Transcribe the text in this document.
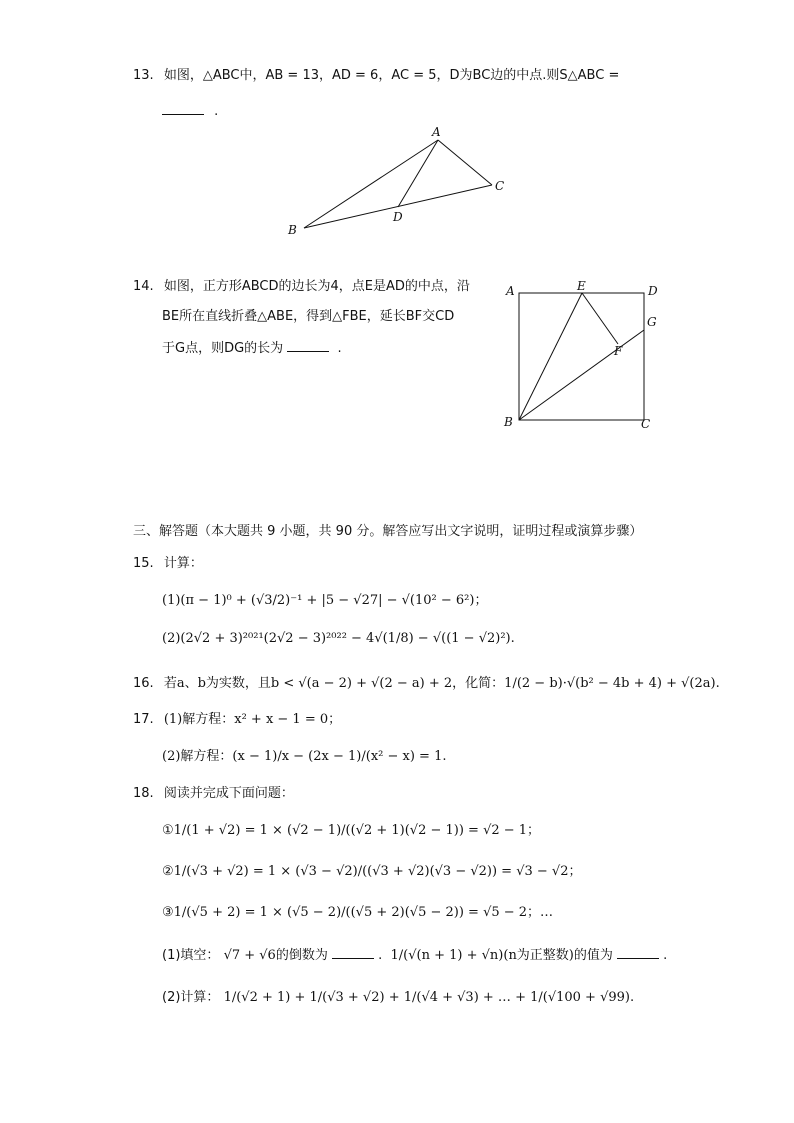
13. 如图，△ABC中，AB = 13，AD = 6，AC = 5，D为BC边的中点.则S△ABC =
.
A
B
C
D
14. 如图，正方形ABCD的边长为4，点E是AD的中点，沿
BE所在直线折叠△ABE，得到△FBE，延长BF交CD
于G点，则DG的长为	.
A	E	D
G
F
B	C
三、解答题（本大题共 9 小题，共 90 分。解答应写出文字说明，证明过程或演算步骤）
15. 计算：
(1)(π − 1)⁰ + (√3/2)⁻¹ + |5 − √27| − √(10² − 6²)；
(2)(2√2 + 3)²⁰²¹(2√2 − 3)²⁰²² − 4√(1/8) − √((1 − √2)²).
16. 若a、b为实数，且b < √(a − 2) + √(2 − a) + 2，化简：1/(2 − b)·√(b² − 4b + 4) + √(2a).
17. (1)解方程：x² + x − 1 = 0；
(2)解方程：(x − 1)/x − (2x − 1)/(x² − x) = 1.
18. 阅读并完成下面问题：
①1/(1 + √2) = 1 × (√2 − 1)/((√2 + 1)(√2 − 1)) = √2 − 1；
②1/(√3 + √2) = 1 × (√3 − √2)/((√3 + √2)(√3 − √2)) = √3 − √2；
③1/(√5 + 2) = 1 × (√5 − 2)/((√5 + 2)(√5 − 2)) = √5 − 2；…
(1)填空： √7 + √6的倒数为	.  1/(√(n + 1) + √n)(n为正整数)的值为	.
(2)计算： 1/(√2 + 1) + 1/(√3 + √2) + 1/(√4 + √3) + … + 1/(√100 + √99).
